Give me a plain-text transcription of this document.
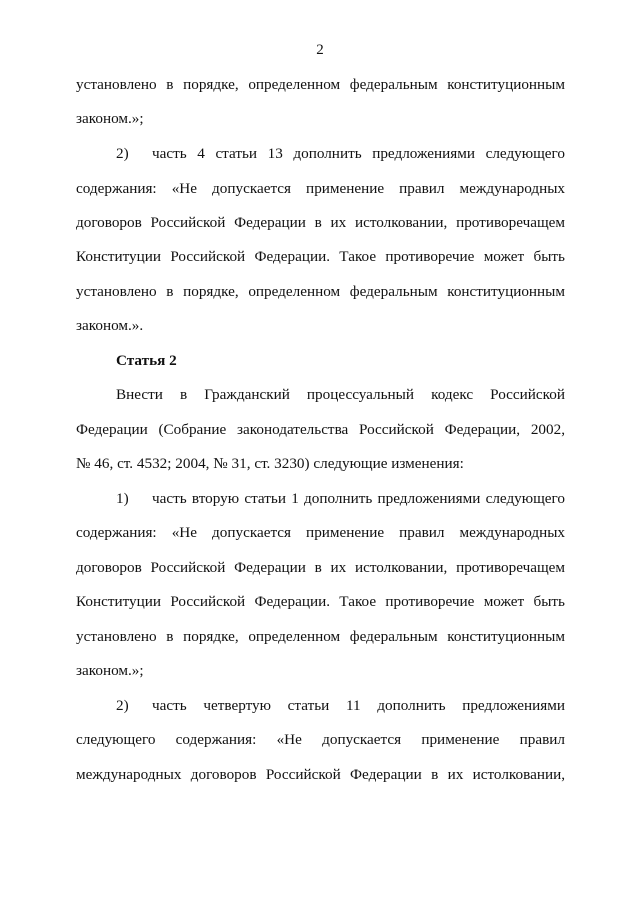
2
установлено в порядке, определенном федеральным конституционным
законом.»;
2) часть 4 статьи 13 дополнить предложениями следующего
содержания: «Не допускается применение правил международных
договоров Российской Федерации в их истолковании, противоречащем
Конституции Российской Федерации. Такое противоречие может быть
установлено в порядке, определенном федеральным конституционным
законом.».
Статья 2
Внести в Гражданский процессуальный кодекс Российской
Федерации (Собрание законодательства Российской Федерации, 2002,
№ 46, ст. 4532; 2004, № 31, ст. 3230) следующие изменения:
1) часть вторую статьи 1 дополнить предложениями следующего
содержания: «Не допускается применение правил международных
договоров Российской Федерации в их истолковании, противоречащем
Конституции Российской Федерации. Такое противоречие может быть
установлено в порядке, определенном федеральным конституционным
законом.»;
2) часть четвертую статьи 11 дополнить предложениями
следующего содержания: «Не допускается применение правил
международных договоров Российской Федерации в их истолковании,
